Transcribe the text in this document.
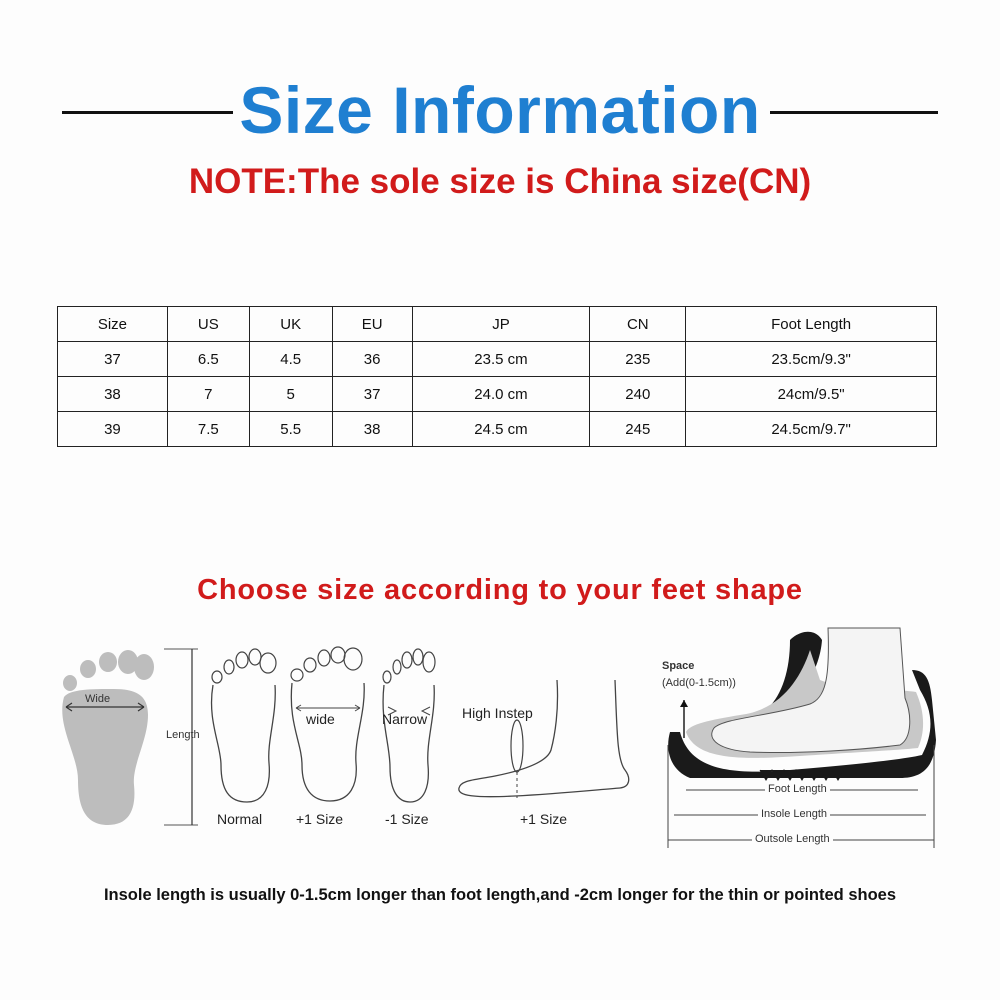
Size Information
NOTE:The sole size is China size(CN)
Size	US	UK	EU	JP	CN	Foot Length
37	6.5	4.5	36	23.5 cm	235	23.5cm/9.3"
38	7	5	37	24.0 cm	240	24cm/9.5"
39	7.5	5.5	38	24.5 cm	245	24.5cm/9.7"
Choose size according to your feet shape
Wide
Length
Normal
wide
+1 Size
Narrow
-1 Size
High Instep
+1 Size
Space
(Add(0-1.5cm))
Foot Length
Insole Length
Outsole Length
Insole length is usually 0-1.5cm longer than foot length,and -2cm longer for the thin or pointed shoes
